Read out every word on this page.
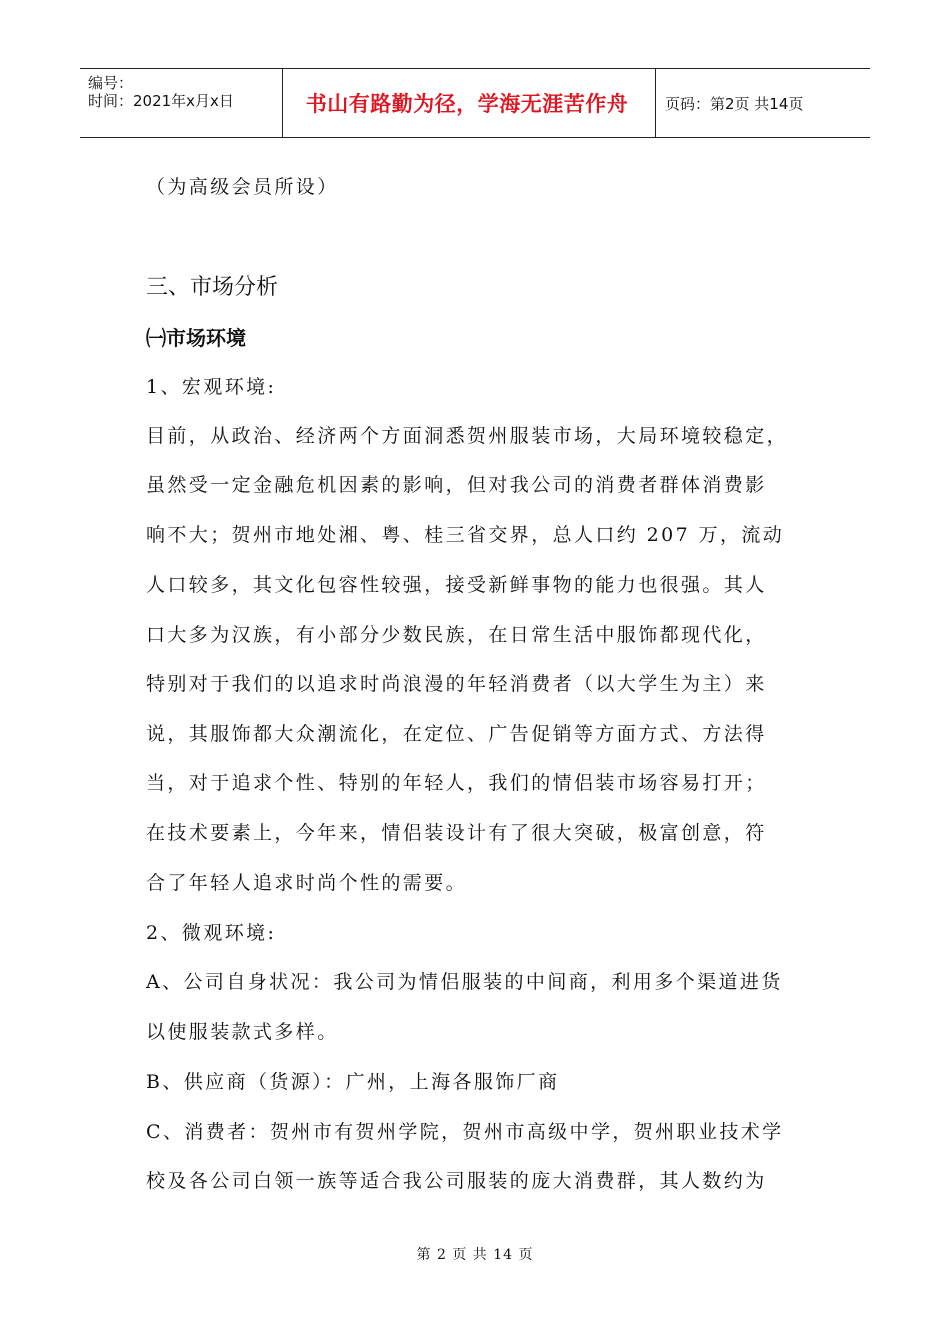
编号：
时间：2021年x月x日	书山有路勤为径，学海无涯苦作舟	页码：第2页 共14页
（为高级会员所设）
三、市场分析
㈠市场环境
1、宏观环境:
目前，从政治、经济两个方面洞悉贺州服装市场，大局环境较稳定，
虽然受一定金融危机因素的影响，但对我公司的消费者群体消费影
响不大；贺州市地处湘、粤、桂三省交界，总人口约 207 万，流动
人口较多，其文化包容性较强，接受新鲜事物的能力也很强。其人
口大多为汉族，有小部分少数民族，在日常生活中服饰都现代化，
特别对于我们的以追求时尚浪漫的年轻消费者（以大学生为主）来
说，其服饰都大众潮流化，在定位、广告促销等方面方式、方法得
当，对于追求个性、特别的年轻人，我们的情侣装市场容易打开；
在技术要素上，今年来，情侣装设计有了很大突破，极富创意，符
合了年轻人追求时尚个性的需要。
2、微观环境:
A、公司自身状况：我公司为情侣服装的中间商，利用多个渠道进货
以使服装款式多样。
B、供应商（货源）：广州，上海各服饰厂商
C、消费者：贺州市有贺州学院，贺州市高级中学，贺州职业技术学
校及各公司白领一族等适合我公司服装的庞大消费群，其人数约为
第 2 页 共 14 页
